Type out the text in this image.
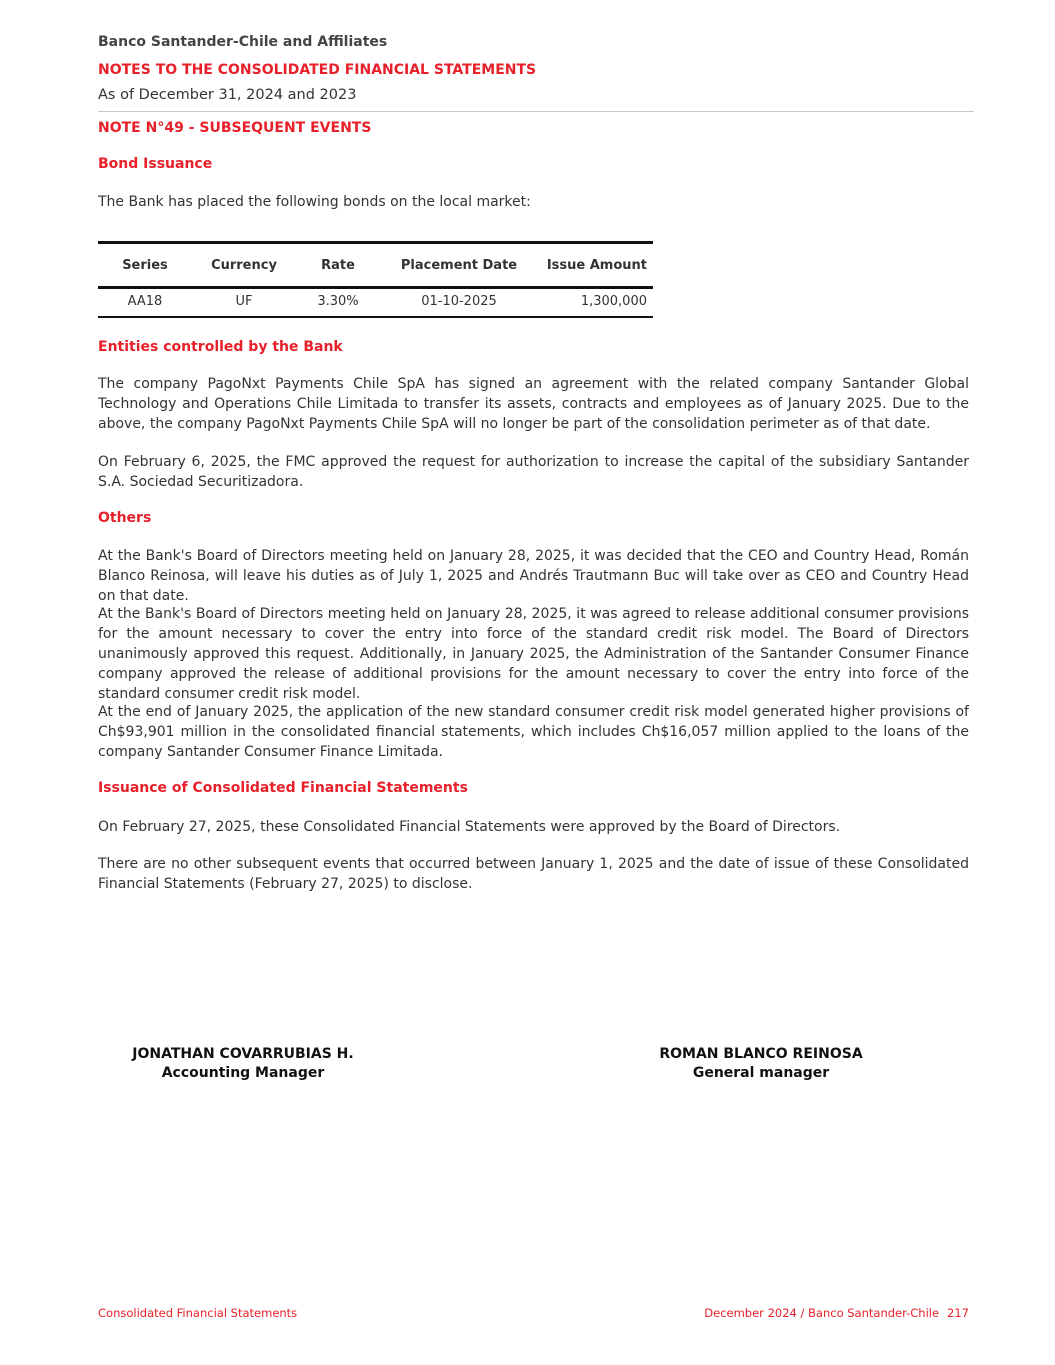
Banco Santander-Chile and Affiliates
NOTES TO THE CONSOLIDATED FINANCIAL STATEMENTS
As of December 31, 2024 and 2023
NOTE N°49 - SUBSEQUENT EVENTS
Bond Issuance
The Bank has placed the following bonds on the local market:
Series	Currency	Rate	Placement Date	Issue Amount
AA18	UF	3.30%	01-10-2025	1,300,000
Entities controlled by the Bank
The company PagoNxt Payments Chile SpA has signed an agreement with the related company Santander Global Technology and Operations Chile Limitada to transfer its assets, contracts and employees as of January 2025. Due to the above, the company PagoNxt Payments Chile SpA will no longer be part of the consolidation perimeter as of that date.
On February 6, 2025, the FMC approved the request for authorization to increase the capital of the subsidiary Santander S.A. Sociedad Securitizadora.
Others
At the Bank's Board of Directors meeting held on January 28, 2025, it was decided that the CEO and Country Head, Román Blanco Reinosa, will leave his duties as of July 1, 2025 and Andrés Trautmann Buc will take over as CEO and Country Head on that date.
At the Bank's Board of Directors meeting held on January 28, 2025, it was agreed to release additional consumer provisions for the amount necessary to cover the entry into force of the standard credit risk model. The Board of Directors unanimously approved this request. Additionally, in January 2025, the Administration of the Santander Consumer Finance company approved the release of additional provisions for the amount necessary to cover the entry into force of the standard consumer credit risk model.
At the end of January 2025, the application of the new standard consumer credit risk model generated higher provisions of Ch$93,901 million in the consolidated financial statements, which includes Ch$16,057 million applied to the loans of the company Santander Consumer Finance Limitada.
Issuance of Consolidated Financial Statements
On February 27, 2025, these Consolidated Financial Statements were approved by the Board of Directors.
There are no other subsequent events that occurred between January 1, 2025 and the date of issue of these Consolidated Financial Statements (February 27, 2025) to disclose.
JONATHAN COVARRUBIAS H.
Accounting Manager
ROMAN BLANCO REINOSA
General manager
Consolidated Financial Statements	December 2024 / Banco Santander-Chile 217
